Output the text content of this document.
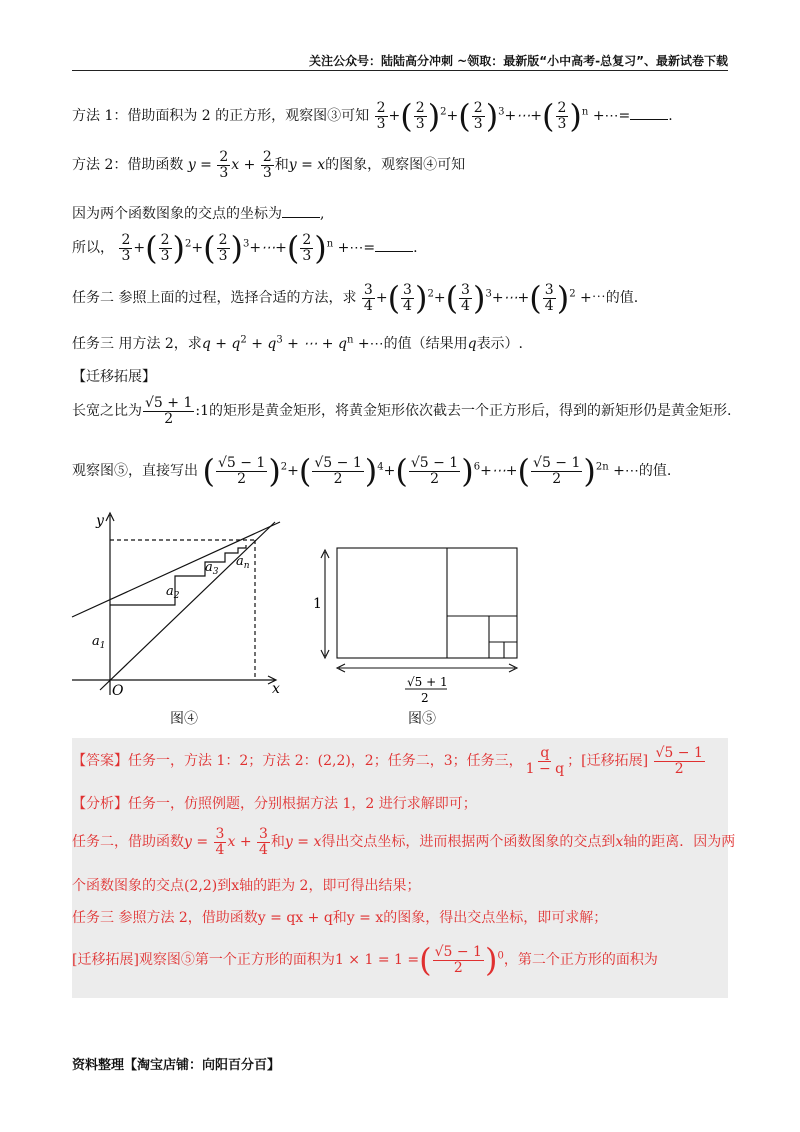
关注公众号：陆陆高分冲刺 ~领取：最新版“小中高考-总复习”、最新试卷下载
方法 1：借助面积为 2 的正方形，观察图③可知 $\frac{2}{3}$ +( $\frac{2}{3} )^2+( \frac{2}{3}$ )$^3+\cdots+( \frac{2}{3} )^n$ +⋯=	.
方法 2：借助函数 $y = \frac{2}{3}$ $x + \frac{2}{3}$ 和y = x的图象，观察图④可知
因为两个函数图象的交点的坐标为	,
所以， $\frac{2}{3}$ +( $\frac{2}{3} )^2+( \frac{2}{3}$ )$^3+\cdots+( \frac{2}{3} )^n$ +⋯=	.
任务二 参照上面的过程，选择合适的方法，求 $\frac{3}{4}$ +( $\frac{3}{4} )^2+( \frac{3}{4}$ )$^3+\cdots+( \frac{3}{4} )^2$ +⋯的值.
任务三 用方法 2，求$q + q^2 + q^3$ + ⋯ + $q^n$ +⋯的值（结果用q表示）.
【迁移拓展】
长宽之比为 $\frac{√5 + 1}{2}$ :1的矩形是黄金矩形，将黄金矩形依次截去一个正方形后，得到的新矩形仍是黄金矩形.
观察图⑤，直接写出 ( $\frac{√5 - 1}{2} )^2+( \frac{√5 - 1}{2} )^4+( \frac{√5 - 1}{2}$ )$^6+\cdots+( \frac{√5 - 1}{2} )^{2n}$ +⋯的值.
y
x
O
$a_1$
$a_2$
$a_3$
$a_n$
图④
1
√5 + 1
2
图⑤
【答案】任务一，方法 1：2；方法 2：(2,2)，2；任务二，3；任务三， $\frac{q}{1 - q}$ ；[迁移拓展] $\frac{√5 - 1}{2}$
【分析】任务一，仿照例题，分别根据方法 1，2 进行求解即可；
任务二，借助函数$y = \frac{3}{4}$ $x + \frac{3}{4}$ 和y = x得出交点坐标，进而根据两个函数图象的交点到x轴的距离．因为两
个函数图象的交点(2,2)到x轴的距为 2，即可得出结果；
任务三 参照方法 2，借助函数y = qx + q和y = x的图象，得出交点坐标，即可求解；
[迁移拓展]观察图⑤第一个正方形的面积为1 × 1 = 1 =( $\frac{√5 - 1}{2} )^0$，第二个正方形的面积为
资料整理【淘宝店铺：向阳百分百】
